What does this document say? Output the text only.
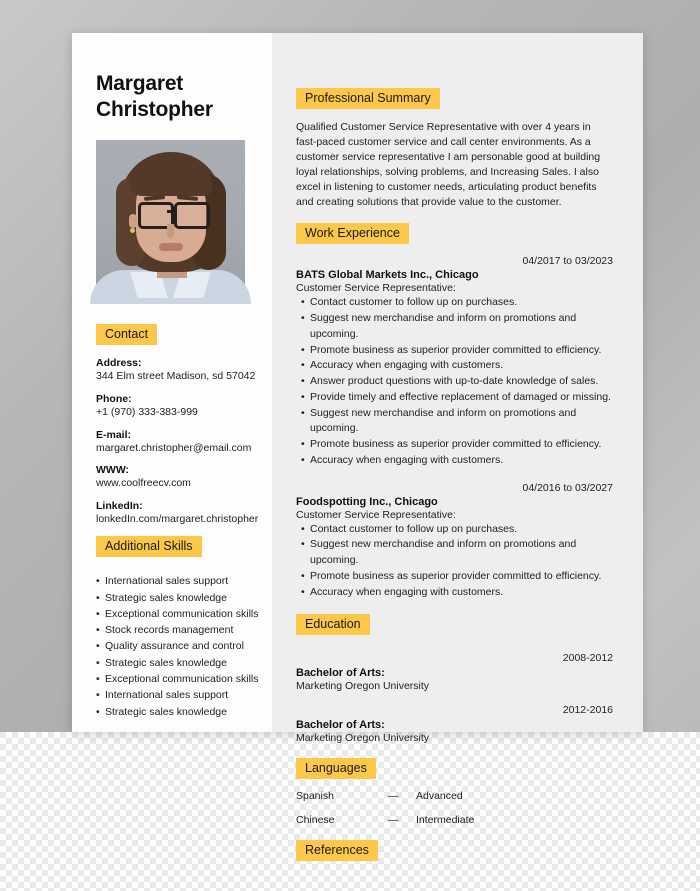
Margaret
Christopher
Contact

Address:

344 Elm street Madison, sd 57042

Phone:

+1 (970) 333-383-999

E-mail:

margaret.christopher@email.com

WWW:

www.coolfreecv.com

LinkedIn:

lonkedIn.com/margaret.christopher

Additional Skills
• International sales support
• Strategic sales knowledge
• Exceptional communication skills
• Stock records management
• Quality assurance and control
• Strategic sales knowledge
• Exceptional communication skills
• International sales support
• Strategic sales knowledge
Professional Summary

Qualified Customer Service Representative with over 4 years in fast-paced customer service and call center environments. As a customer service representative I am personable good at building loyal relationships, solving problems, and Increasing Sales. I also excel in listening to customer needs, articulating product benefits and creating solutions that provide value to the customer.

Work Experience

04/2017 to 03/2023

BATS Global Markets Inc., Chicago

Customer Service Representative:

• Contact customer to follow up on purchases.
• Suggest new merchandise and inform on promotions and upcoming.
• Promote business as superior provider committed to efficiency.
• Accuracy when engaging with customers.
• Answer product questions with up-to-date knowledge of sales.
• Provide timely and effective replacement of damaged or missing.
• Suggest new merchandise and inform on promotions and upcoming.
• Promote business as superior provider committed to efficiency.
• Accuracy when engaging with customers.

04/2016 to 03/2027

Foodspotting Inc., Chicago

Customer Service Representative:

• Contact customer to follow up on purchases.
• Suggest new merchandise and inform on promotions and upcoming.
• Promote business as superior provider committed to efficiency.
• Accuracy when engaging with customers.
Education

2008-2012

Bachelor of Arts:

Marketing Oregon University

2012-2016

Bachelor of Arts:

Marketing Oregon University

Languages
Spanish	—	Advanced
Chinese	—	Intermediate
References
